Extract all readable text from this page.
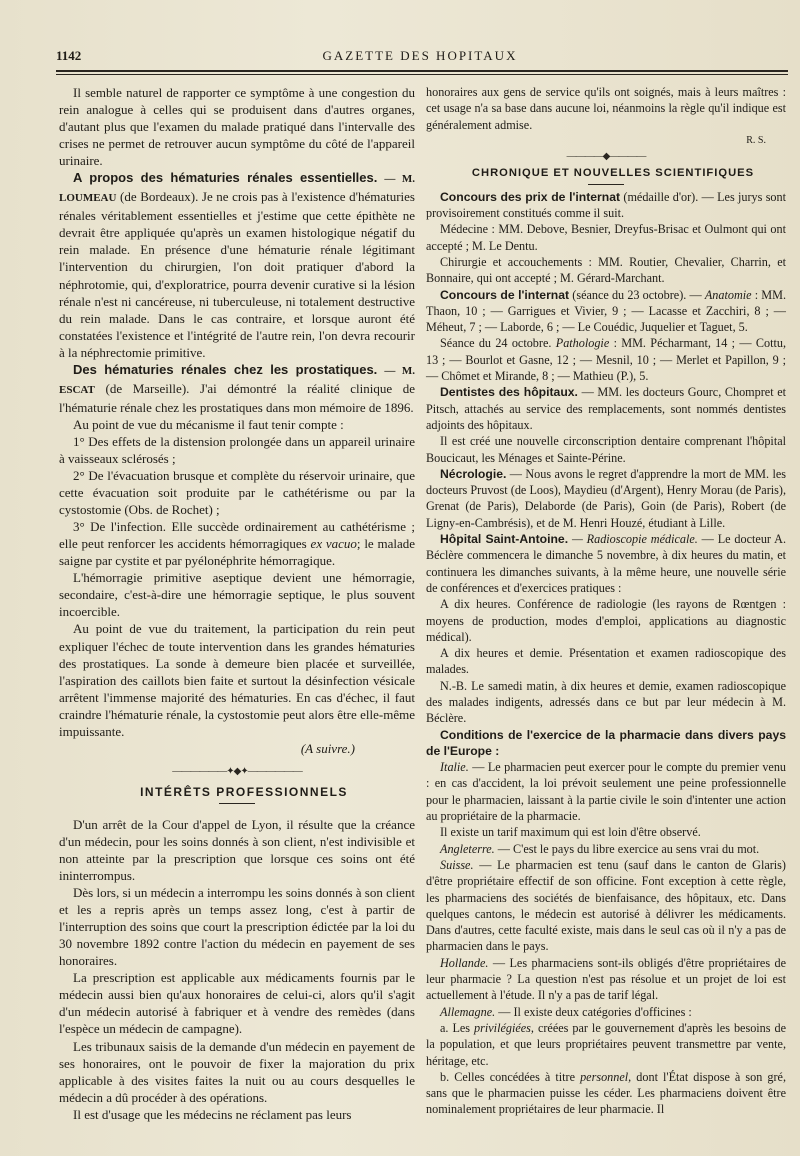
1142	GAZETTE DES HOPITAUX

Il semble naturel de rapporter ce symptôme à une congestion du rein analogue à celles qui se produisent dans d'autres organes, d'autant plus que l'examen du malade pratiqué dans l'intervalle des crises ne permet de retrouver aucun symptôme du côté de l'appareil urinaire.

A propos des hématuries rénales essentielles. — M. LOUMEAU (de Bordeaux). Je ne crois pas à l'existence d'hématuries rénales véritablement essentielles et j'estime que cette épithète ne devrait être appliquée qu'après un examen histologique négatif du rein malade. En présence d'une hématurie rénale légitimant l'intervention du chirurgien, l'on doit pratiquer d'abord la néphrotomie, qui, d'exploratrice, pourra devenir curative si la lésion rénale n'est ni cancéreuse, ni tuberculeuse, ni totalement destructive du rein malade. Dans le cas contraire, et lorsque auront été constatées l'existence et l'intégrité de l'autre rein, l'on devra recourir à la néphrectomie primitive.

Des hématuries rénales chez les prostatiques. — M. ESCAT (de Marseille). J'ai démontré la réalité clinique de l'hématurie rénale chez les prostatiques dans mon mémoire de 1896.

Au point de vue du mécanisme il faut tenir compte :

1° Des effets de la distension prolongée dans un appareil urinaire à vaisseaux sclérosés ;

2° De l'évacuation brusque et complète du réservoir urinaire, que cette évacuation soit produite par le cathétérisme ou par la cystostomie (Obs. de Rochet) ;

3° De l'infection. Elle succède ordinairement au cathétérisme ; elle peut renforcer les accidents hémorragiques ex vacuo; le malade saigne par cystite et par pyélonéphrite hémorragique.

L'hémorragie primitive aseptique devient une hémorragie, secondaire, c'est-à-dire une hémorragie septique, le plus souvent incoercible.

Au point de vue du traitement, la participation du rein peut expliquer l'échec de toute intervention dans les grandes hématuries des prostatiques. La sonde à demeure bien placée et surveillée, l'aspiration des caillots bien faite et surtout la désinfection vésicale arrêtent l'immense majorité des hématuries. En cas d'échec, il faut craindre l'hématurie rénale, la cystostomie peut alors être elle-même impuissante.

(A suivre.)

――――――✦◆✦――――――

INTÉRÊTS PROFESSIONNELS

D'un arrêt de la Cour d'appel de Lyon, il résulte que la créance d'un médecin, pour les soins donnés à son client, n'est indivisible et non atteinte par la prescription que lorsque ces soins ont été ininterrompus.

Dès lors, si un médecin a interrompu les soins donnés à son client et les a repris après un temps assez long, c'est à partir de l'interruption des soins que court la prescription édictée par la loi du 30 novembre 1892 contre l'action du médecin en payement de ses honoraires.

La prescription est applicable aux médicaments fournis par le médecin aussi bien qu'aux honoraires de celui-ci, alors qu'il s'agit d'un médecin autorisé à fabriquer et à vendre des remèdes (dans l'espèce un médecin de campagne).

Les tribunaux saisis de la demande d'un médecin en payement de ses honoraires, ont le pouvoir de fixer la majoration du prix applicable à des visites faites la nuit ou au cours desquelles le médecin a dû procéder à des opérations.

Il est d'usage que les médecins ne réclament pas leurs

honoraires aux gens de service qu'ils ont soignés, mais à leurs maîtres : cet usage n'a sa base dans aucune loi, néanmoins la règle qu'il indique est généralement admise.

R. S.

――――◆――――

CHRONIQUE ET NOUVELLES SCIENTIFIQUES

Concours des prix de l'internat (médaille d'or). — Les jurys sont provisoirement constitués comme il suit.

Médecine : MM. Debove, Besnier, Dreyfus-Brisac et Oulmont qui ont accepté ; M. Le Dentu.

Chirurgie et accouchements : MM. Routier, Chevalier, Charrin, et Bonnaire, qui ont accepté ; M. Gérard-Marchant.

Concours de l'internat (séance du 23 octobre). — Anatomie : MM. Thaon, 10 ; — Garrigues et Vivier, 9 ; — Lacasse et Zacchiri, 8 ; — Méheut, 7 ; — Laborde, 6 ; — Le Couédic, Juquelier et Taguet, 5.

Séance du 24 octobre. Pathologie : MM. Pécharmant, 14 ; — Cottu, 13 ; — Bourlot et Gasne, 12 ; — Mesnil, 10 ; — Merlet et Papillon, 9 ; — Chômet et Mirande, 8 ; — Mathieu (P.), 5.

Dentistes des hôpitaux. — MM. les docteurs Gourc, Chompret et Pitsch, attachés au service des remplacements, sont nommés dentistes adjoints des hôpitaux.

Il est créé une nouvelle circonscription dentaire comprenant l'hôpital Boucicaut, les Ménages et Sainte-Périne.

Nécrologie. — Nous avons le regret d'apprendre la mort de MM. les docteurs Pruvost (de Loos), Maydieu (d'Argent), Henry Morau (de Paris), Grenat (de Paris), Delaborde (de Paris), Goin (de Paris), Robert (de Ligny-en-Cambrésis), et de M. Henri Houzé, étudiant à Lille.

Hôpital Saint-Antoine. — Radioscopie médicale. — Le docteur A. Béclère commencera le dimanche 5 novembre, à dix heures du matin, et continuera les dimanches suivants, à la même heure, une nouvelle série de conférences et d'exercices pratiques :

A dix heures. Conférence de radiologie (les rayons de Rœntgen : moyens de production, modes d'emploi, applications au diagnostic médical).

A dix heures et demie. Présentation et examen radioscopique des malades.

N.-B. Le samedi matin, à dix heures et demie, examen radioscopique des malades indigents, adressés dans ce but par leur médecin à M. Béclère.

Conditions de l'exercice de la pharmacie dans divers pays de l'Europe :

Italie. — Le pharmacien peut exercer pour le compte du premier venu : en cas d'accident, la loi prévoit seulement une peine professionnelle pour le pharmacien, laissant à la partie civile le soin d'intenter une action au propriétaire de la pharmacie.

Il existe un tarif maximum qui est loin d'être observé.

Angleterre. — C'est le pays du libre exercice au sens vrai du mot.

Suisse. — Le pharmacien est tenu (sauf dans le canton de Glaris) d'être propriétaire effectif de son officine. Font exception à cette règle, les pharmaciens des sociétés de bienfaisance, des hôpitaux, etc. Dans quelques cantons, le médecin est autorisé à délivrer les médicaments. Dans d'autres, cette faculté existe, mais dans le seul cas où il n'y a pas de pharmacien dans le pays.

Hollande. — Les pharmaciens sont-ils obligés d'être propriétaires de leur pharmacie ? La question n'est pas résolue et un projet de loi est actuellement à l'étude. Il n'y a pas de tarif légal.

Allemagne. — Il existe deux catégories d'officines :

a. Les privilégiées, créées par le gouvernement d'après les besoins de la population, et que leurs propriétaires peuvent transmettre par vente, héritage, etc.

b. Celles concédées à titre personnel, dont l'État dispose à son gré, sans que le pharmacien puisse les céder. Les pharmaciens doivent être nominalement propriétaires de leur pharmacie. Il
